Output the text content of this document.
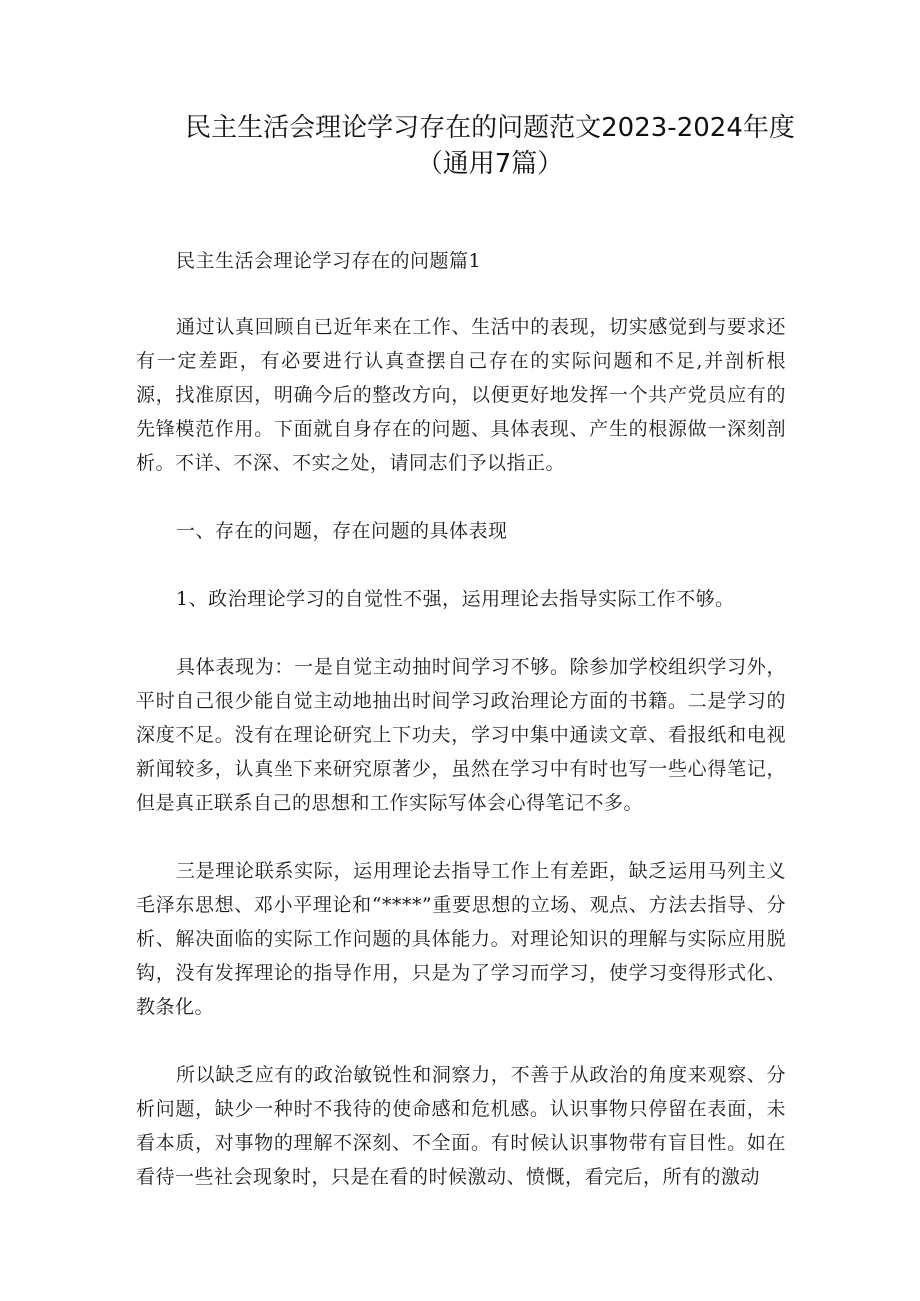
民主生活会理论学习存在的问题范文2023-2024年度
（通用7篇）

民主生活会理论学习存在的问题篇1

通过认真回顾自已近年来在工作、生活中的表现，切实感觉到与要求还有一定差距，有必要进行认真查摆自己存在的实际问题和不足,并剖析根源，找准原因，明确今后的整改方向，以便更好地发挥一个共产党员应有的先锋模范作用。下面就自身存在的问题、具体表现、产生的根源做一深刻剖析。不详、不深、不实之处，请同志们予以指正。

一、存在的问题，存在问题的具体表现

1、政治理论学习的自觉性不强，运用理论去指导实际工作不够。

具体表现为：一是自觉主动抽时间学习不够。除参加学校组织学习外，平时自己很少能自觉主动地抽出时间学习政治理论方面的书籍。二是学习的深度不足。没有在理论研究上下功夫，学习中集中通读文章、看报纸和电视新闻较多，认真坐下来研究原著少，虽然在学习中有时也写一些心得笔记，但是真正联系自己的思想和工作实际写体会心得笔记不多。

三是理论联系实际，运用理论去指导工作上有差距，缺乏运用马列主义毛泽东思想、邓小平理论和“****”重要思想的立场、观点、方法去指导、分析、解决面临的实际工作问题的具体能力。对理论知识的理解与实际应用脱钩，没有发挥理论的指导作用，只是为了学习而学习，使学习变得形式化、教条化。

所以缺乏应有的政治敏锐性和洞察力，不善于从政治的角度来观察、分析问题，缺少一种时不我待的使命感和危机感。认识事物只停留在表面，未看本质，对事物的理解不深刻、不全面。有时候认识事物带有盲目性。如在看待一些社会现象时，只是在看的时候激动、愤慨，看完后，所有的激动
